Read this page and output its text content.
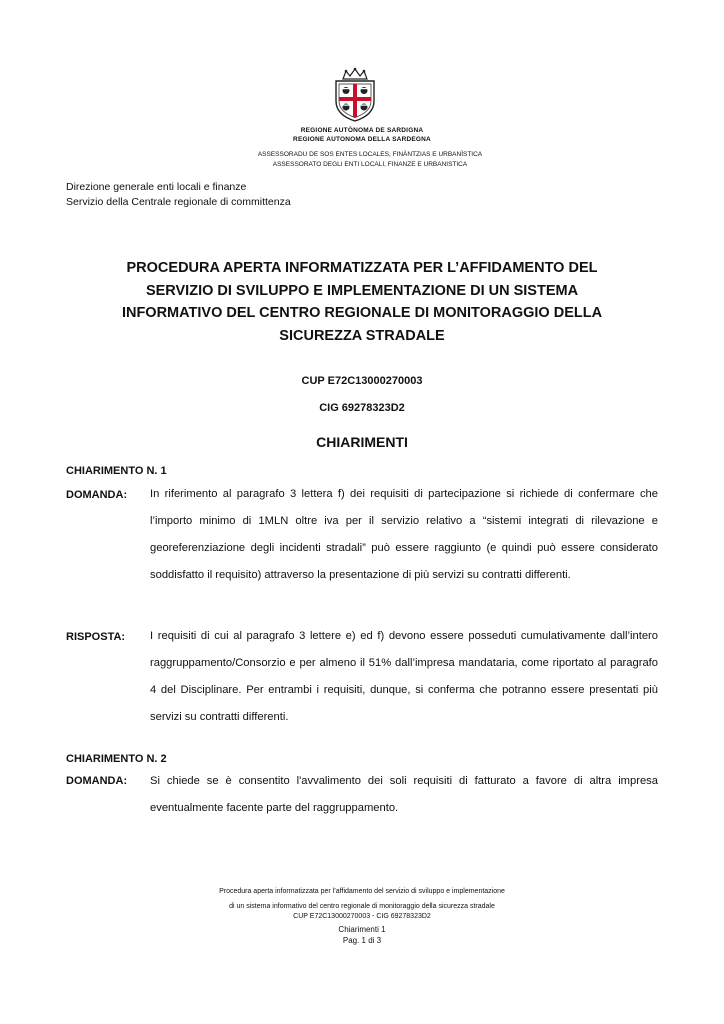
REGIONE AUTÒNOMA DE SARDIGNA
REGIONE AUTONOMA DELLA SARDEGNA
ASSESSORADU DE SOS ENTES LOCALES, FINÀNTZIAS E URBANÌSTICA
ASSESSORATO DEGLI ENTI LOCALI, FINANZE E URBANISTICA
Direzione generale enti locali e finanze
Servizio della Centrale regionale di committenza
PROCEDURA APERTA INFORMATIZZATA PER L’AFFIDAMENTO DEL
SERVIZIO DI SVILUPPO E IMPLEMENTAZIONE DI UN SISTEMA
INFORMATIVO DEL CENTRO REGIONALE DI MONITORAGGIO DELLA
SICUREZZA STRADALE
CUP E72C13000270003
CIG 69278323D2
CHIARIMENTI
CHIARIMENTO N. 1
DOMANDA: In riferimento al paragrafo 3 lettera f) dei requisiti di partecipazione si richiede di confermare che l’importo minimo di 1MLN oltre iva per il servizio relativo a “sistemi integrati di rilevazione e georeferenziazione degli incidenti stradali” può essere raggiunto (e quindi può essere considerato soddisfatto il requisito) attraverso la presentazione di più servizi su contratti differenti.

RISPOSTA: I requisiti di cui al paragrafo 3 lettere e) ed f) devono essere posseduti cumulativamente dall’intero raggruppamento/Consorzio e per almeno il 51% dall’impresa mandataria, come riportato al paragrafo 4 del Disciplinare. Per entrambi i requisiti, dunque, si conferma che potranno essere presentati più servizi su contratti differenti.

CHIARIMENTO N. 2
DOMANDA: Si chiede se è consentito l'avvalimento dei soli requisiti di fatturato a favore di altra impresa eventualmente facente parte del raggruppamento.

Procedura aperta informatizzata per l’affidamento del servizio di sviluppo e implementazione
di un sistema informativo del centro regionale di monitoraggio della sicurezza stradale
CUP E72C13000270003 - CIG 69278323D2
Chiarimenti 1
Pag. 1 di 3
